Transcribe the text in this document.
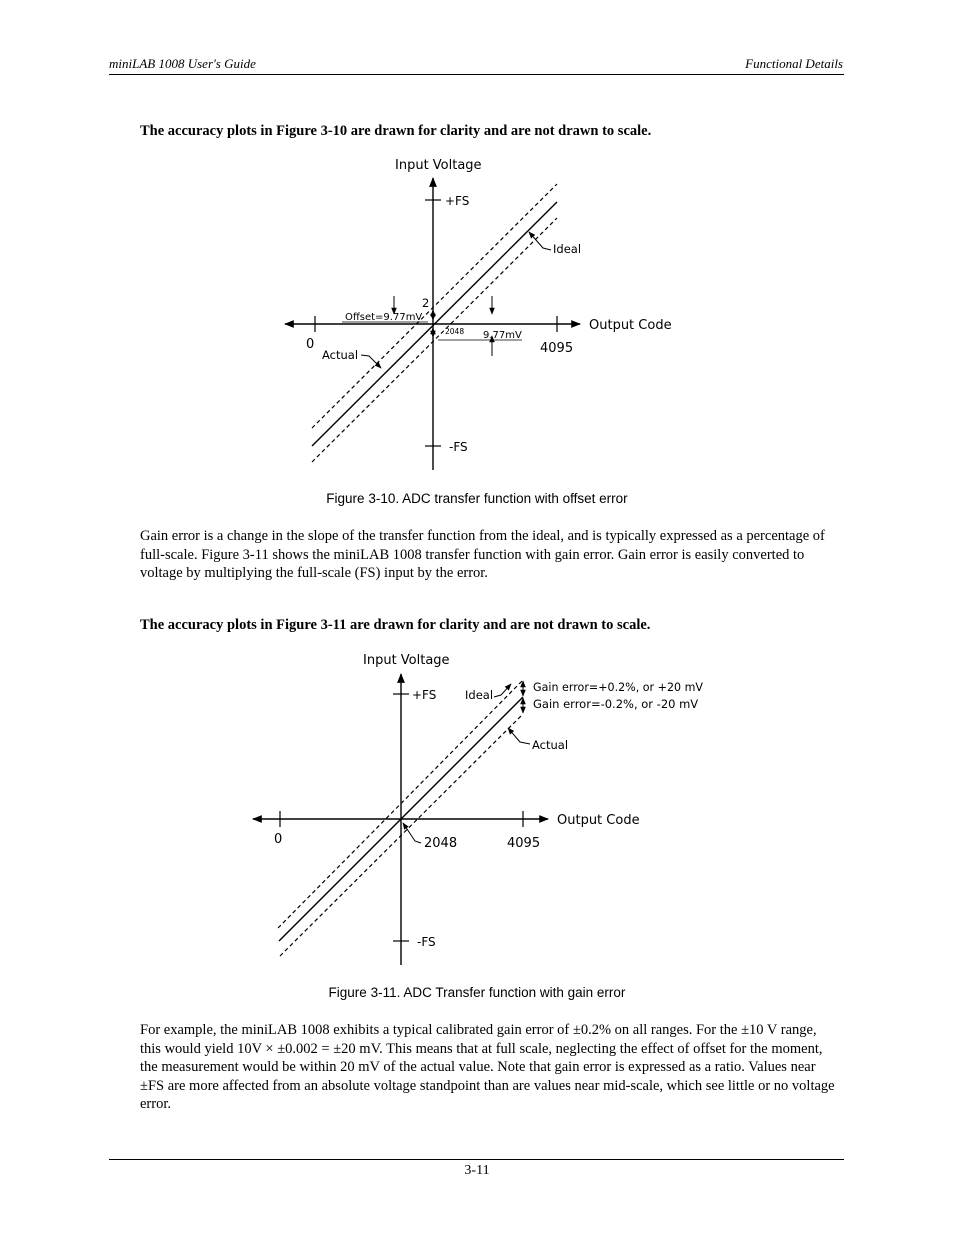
miniLAB 1008 User's Guide	Functional Details
The accuracy plots in Figure 3-10 are drawn for clarity and are not drawn to scale.
Input Voltage
Output Code
+FS
-FS
Ideal
Actual
0	4095
2048
2
Offset=9.77mV
9.77mV
Figure 3-10. ADC transfer function with offset error
Gain error is a change in the slope of the transfer function from the ideal, and is typically expressed as a percentage of full-scale. Figure 3-11 shows the miniLAB 1008 transfer function with gain error. Gain error is easily converted to voltage by multiplying the full-scale (FS) input by the error.
The accuracy plots in Figure 3-11 are drawn for clarity and are not drawn to scale.
Input Voltage
Output Code
+FS
-FS
Ideal
Actual
Gain error=+0.2%, or +20 mV
Gain error=-0.2%, or -20 mV
0	2048	4095
Figure 3-11. ADC Transfer function with gain error
For example, the miniLAB 1008 exhibits a typical calibrated gain error of ±0.2% on all ranges. For the ±10 V range, this would yield 10V × ±0.002 = ±20 mV. This means that at full scale, neglecting the effect of offset for the moment, the measurement would be within 20 mV of the actual value. Note that gain error is expressed as a ratio. Values near ±FS are more affected from an absolute voltage standpoint than are values near mid-scale, which see little or no voltage error.
3-11
